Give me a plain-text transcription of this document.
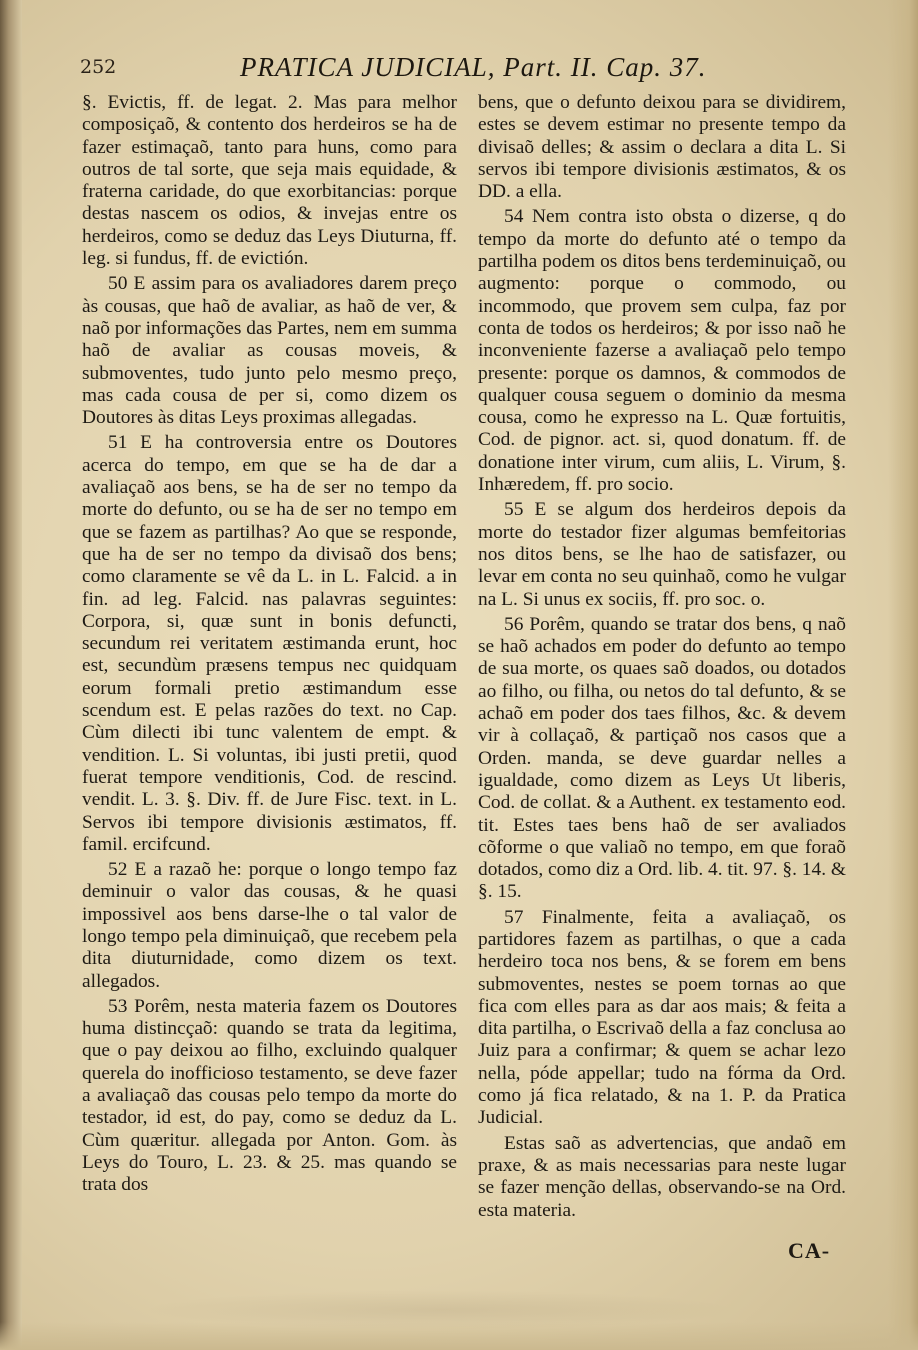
252	PRATICA JUDICIAL, Part. II. Cap. 37.

§. Evictis, ff. de legat. 2. Mas para melhor composiçaõ, & contento dos herdeiros se ha de fazer estimaçaõ, tanto para huns, como para outros de tal sorte, que seja mais equidade, & fraterna caridade, do que exorbitancias: porque destas nascem os odios, & invejas entre os herdeiros, como se deduz das Leys Diuturna, ff. leg. si fundus, ff. de evictión.

50 E assim para os avaliadores darem preço às cousas, que haõ de avaliar, as haõ de ver, & naõ por informações das Partes, nem em summa haõ de avaliar as cousas moveis, & submoventes, tudo junto pelo mesmo preço, mas cada cousa de per si, como dizem os Doutores às ditas Leys proximas allegadas.

51 E ha controversia entre os Doutores acerca do tempo, em que se ha de dar a avaliaçaõ aos bens, se ha de ser no tempo da morte do defunto, ou se ha de ser no tempo em que se fazem as partilhas? Ao que se responde, que ha de ser no tempo da divisaõ dos bens; como claramente se vê da L. in L. Falcid. a in fin. ad leg. Falcid. nas palavras seguintes: Corpora, si, quæ sunt in bonis defuncti, secundum rei veritatem æstimanda erunt, hoc est, secundùm præsens tempus nec quidquam eorum formali pretio æstimandum esse scendum est. E pelas razões do text. no Cap. Cùm dilecti ibi tunc valentem de empt. & vendition. L. Si voluntas, ibi justi pretii, quod fuerat tempore venditionis, Cod. de rescind. vendit. L. 3. §. Div. ff. de Jure Fisc. text. in L. Servos ibi tempore divisionis æstimatos, ff. famil. ercifcund.

52 E a razaõ he: porque o longo tempo faz deminuir o valor das cousas, & he quasi impossivel aos bens darse-lhe o tal valor de longo tempo pela diminuiçaõ, que recebem pela dita diuturnidade, como dizem os text. allegados.

53 Porêm, nesta materia fazem os Doutores huma distincçaõ: quando se trata da legitima, que o pay deixou ao filho, excluindo qualquer querela do inofficioso testamento, se deve fazer a avaliaçaõ das cousas pelo tempo da morte do testador, id est, do pay, como se deduz da L. Cùm quæritur. allegada por Anton. Gom. às Leys do Touro, L. 23. & 25. mas quando se trata dos

bens, que o defunto deixou para se dividirem, estes se devem estimar no presente tempo da divisaõ delles; & assim o declara a dita L. Si servos ibi tempore divisionis æstimatos, & os DD. a ella.

54 Nem contra isto obsta o dizerse, q do tempo da morte do defunto até o tempo da partilha podem os ditos bens terdeminuiçaõ, ou augmento: porque o commodo, ou incommodo, que provem sem culpa, faz por conta de todos os herdeiros; & por isso naõ he inconveniente fazerse a avaliaçaõ pelo tempo presente: porque os damnos, & commodos de qualquer cousa seguem o dominio da mesma cousa, como he expresso na L. Quæ fortuitis, Cod. de pignor. act. si, quod donatum. ff. de donatione inter virum, cum aliis, L. Virum, §. Inhæredem, ff. pro socio.

55 E se algum dos herdeiros depois da morte do testador fizer algumas bemfeitorias nos ditos bens, se lhe hao de satisfazer, ou levar em conta no seu quinhaõ, como he vulgar na L. Si unus ex sociis, ff. pro soc. o.

56 Porêm, quando se tratar dos bens, q naõ se haõ achados em poder do defunto ao tempo de sua morte, os quaes saõ doados, ou dotados ao filho, ou filha, ou netos do tal defunto, & se achaõ em poder dos taes filhos, &c. & devem vir à collaçaõ, & partiçaõ nos casos que a Orden. manda, se deve guardar nelles a igualdade, como dizem as Leys Ut liberis, Cod. de collat. & a Authent. ex testamento eod. tit. Estes taes bens haõ de ser avaliados cõforme o que valiaõ no tempo, em que foraõ dotados, como diz a Ord. lib. 4. tit. 97. §. 14. & §. 15.

57 Finalmente, feita a avaliaçaõ, os partidores fazem as partilhas, o que a cada herdeiro toca nos bens, & se forem em bens submoventes, nestes se poem tornas ao que fica com elles para as dar aos mais; & feita a dita partilha, o Escrivaõ della a faz conclusa ao Juiz para a confirmar; & quem se achar lezo nella, póde appellar; tudo na fórma da Ord. como já fica relatado, & na 1. P. da Pratica Judicial.

Estas saõ as advertencias, que andaõ em praxe, & as mais necessarias para neste lugar se fazer menção dellas, observando-se na Ord. esta materia.

CA-
